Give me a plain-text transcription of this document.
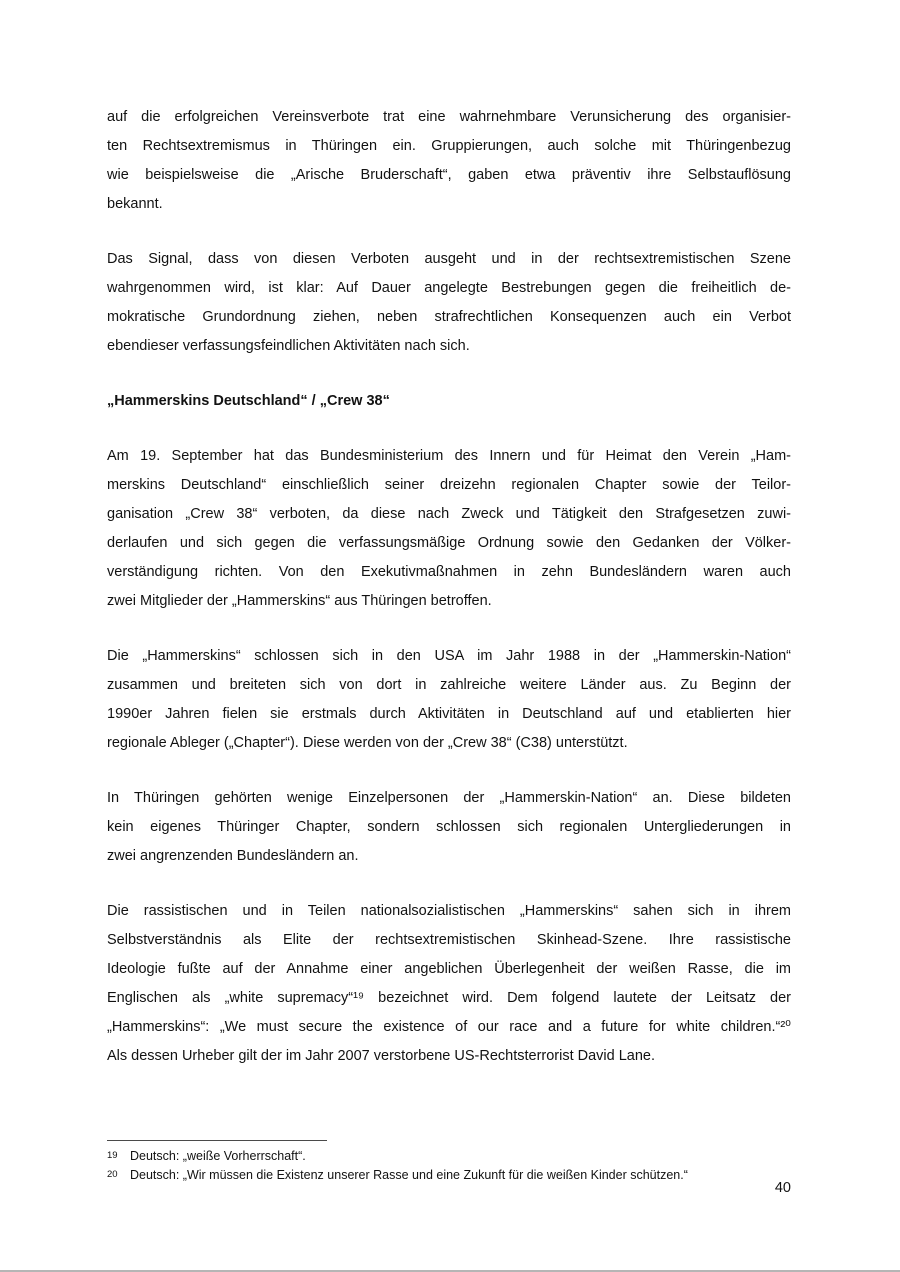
auf die erfolgreichen Vereinsverbote trat eine wahrnehmbare Verunsicherung des organisier-
ten Rechtsextremismus in Thüringen ein. Gruppierungen, auch solche mit Thüringenbezug
wie beispielsweise die „Arische Bruderschaft“, gaben etwa präventiv ihre Selbstauflösung
bekannt.
Das Signal, dass von diesen Verboten ausgeht und in der rechtsextremistischen Szene
wahrgenommen wird, ist klar: Auf Dauer angelegte Bestrebungen gegen die freiheitlich de-
mokratische Grundordnung ziehen, neben strafrechtlichen Konsequenzen auch ein Verbot
ebendieser verfassungsfeindlichen Aktivitäten nach sich.
„Hammerskins Deutschland“ / „Crew 38“
Am 19. September hat das Bundesministerium des Innern und für Heimat den Verein „Ham-
merskins Deutschland“ einschließlich seiner dreizehn regionalen Chapter sowie der Teilor-
ganisation „Crew 38“ verboten, da diese nach Zweck und Tätigkeit den Strafgesetzen zuwi-
derlaufen und sich gegen die verfassungsmäßige Ordnung sowie den Gedanken der Völker-
verständigung richten. Von den Exekutivmaßnahmen in zehn Bundesländern waren auch
zwei Mitglieder der „Hammerskins“ aus Thüringen betroffen.
Die „Hammerskins“ schlossen sich in den USA im Jahr 1988 in der „Hammerskin-Nation“
zusammen und breiteten sich von dort in zahlreiche weitere Länder aus. Zu Beginn der
1990er Jahren fielen sie erstmals durch Aktivitäten in Deutschland auf und etablierten hier
regionale Ableger („Chapter“). Diese werden von der „Crew 38“ (C38) unterstützt.
In Thüringen gehörten wenige Einzelpersonen der „Hammerskin-Nation“ an. Diese bildeten
kein eigenes Thüringer Chapter, sondern schlossen sich regionalen Untergliederungen in
zwei angrenzenden Bundesländern an.
Die rassistischen und in Teilen nationalsozialistischen „Hammerskins“ sahen sich in ihrem
Selbstverständnis als Elite der rechtsextremistischen Skinhead-Szene. Ihre rassistische
Ideologie fußte auf der Annahme einer angeblichen Überlegenheit der weißen Rasse, die im
Englischen als „white supremacy“¹⁹ bezeichnet wird. Dem folgend lautete der Leitsatz der
„Hammerskins“: „We must secure the existence of our race and a future for white children.“²⁰
Als dessen Urheber gilt der im Jahr 2007 verstorbene US-Rechtsterrorist David Lane.
19 Deutsch: „weiße Vorherrschaft“.
20 Deutsch: „Wir müssen die Existenz unserer Rasse und eine Zukunft für die weißen Kinder schützen.“
40
